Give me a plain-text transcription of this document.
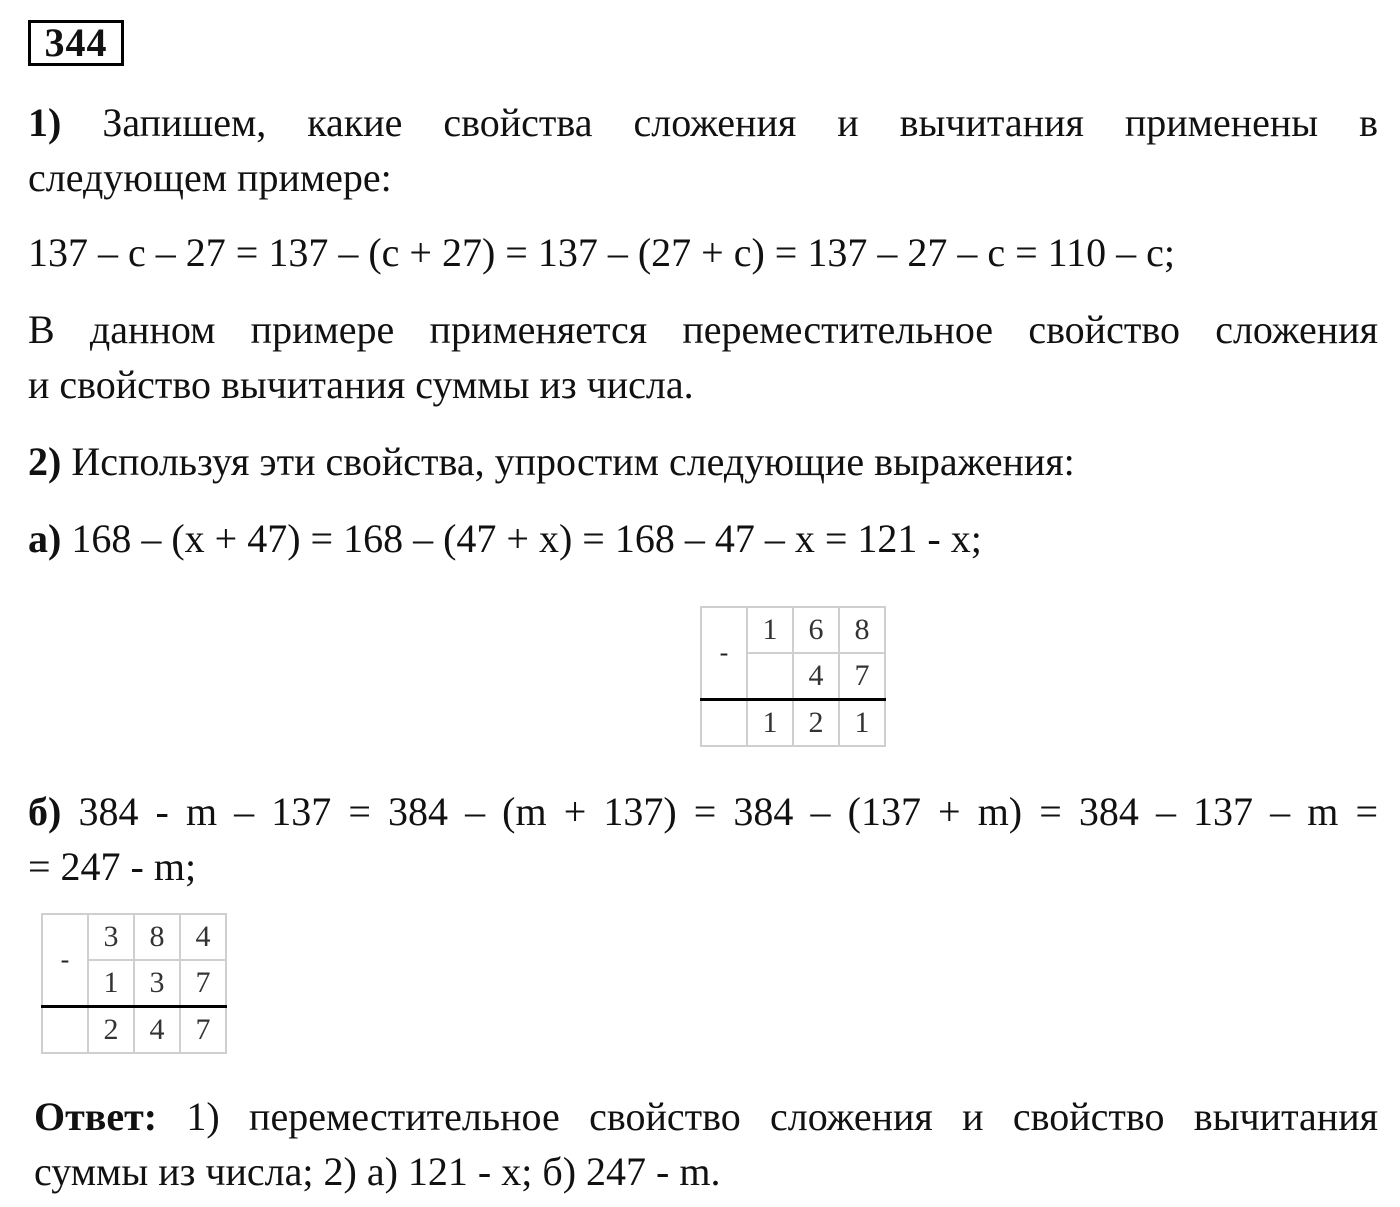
344
1) Запишем, какие свойства сложения и вычитания применены в
следующем примере:
137 – с – 27 = 137 – (с + 27) = 137 – (27 + с) = 137 – 27 – с = 110 – с;
В данном примере применяется переместительное свойство сложения
и свойство вычитания суммы из числа.
2) Используя эти свойства, упростим следующие выражения:
а) 168 – (x + 47) = 168 – (47 + x) = 168 – 47 – x = 121 - x;
-	1	6	8
		4	7
	1	2	1
б) 384 - m – 137 = 384 – (m + 137) = 384 – (137 + m) = 384 – 137 – m =
= 247 - m;
-	3	8	4
	1	3	7
	2	4	7
Ответ: 1) переместительное свойство сложения и свойство вычитания
суммы из числа; 2) а) 121 - x; б) 247 - m.
